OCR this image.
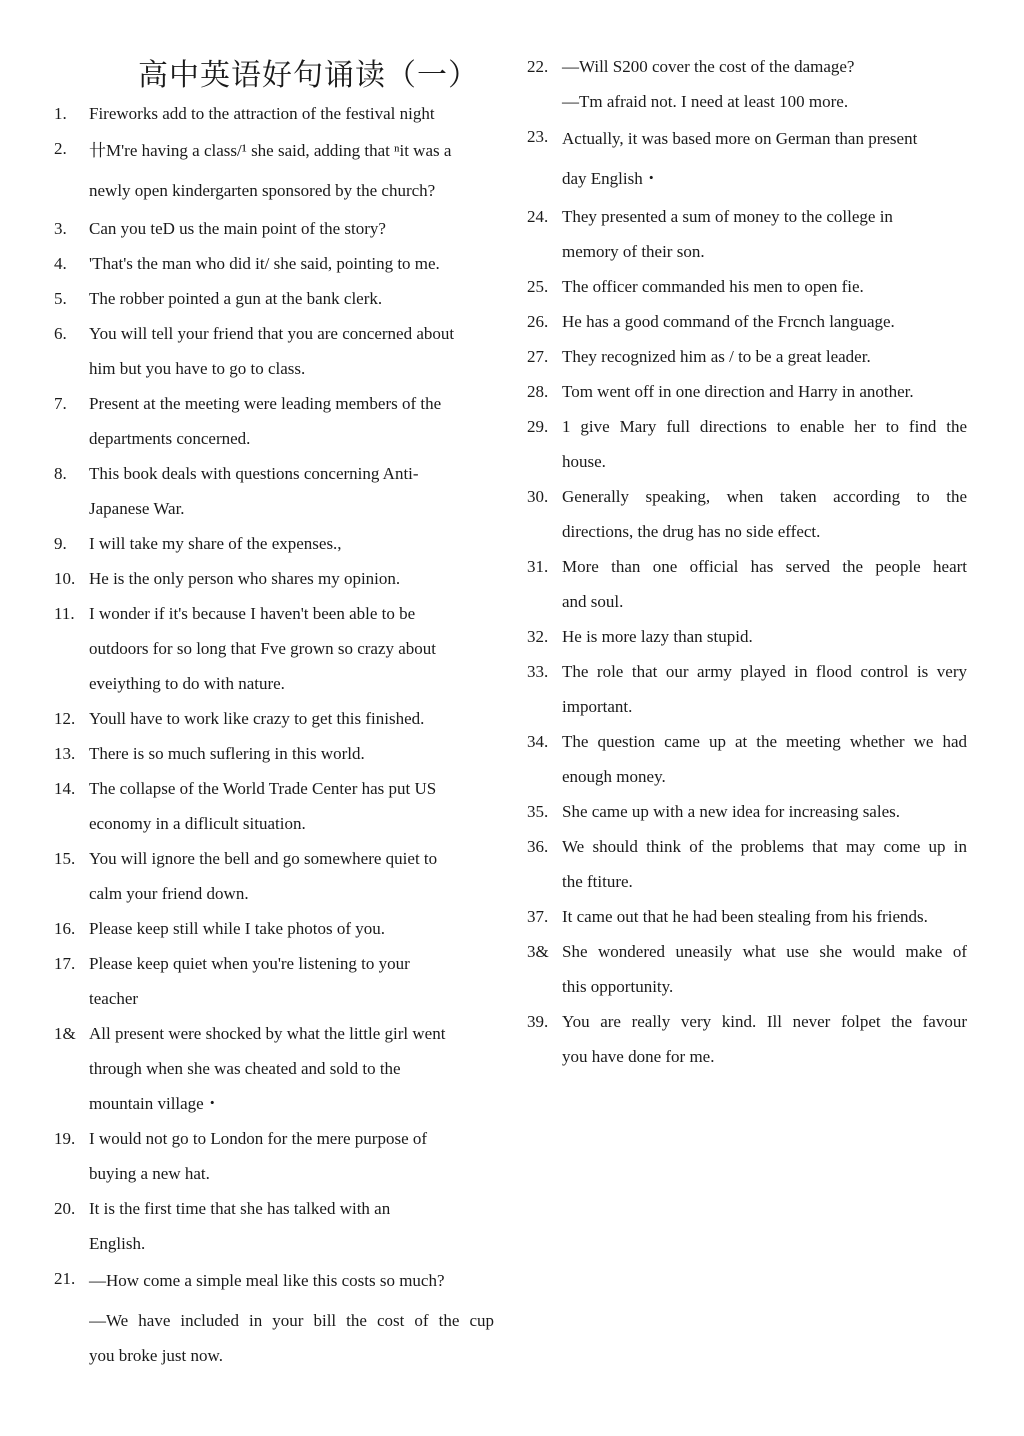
高中英语好句诵读（一）
1.	Fireworks add to the attraction of the festival night
2.	卄M're having a class/¹ she said, adding that ⁿit was a
newly open kindergarten sponsored by the church?
3.	Can you teD us the main point of the story?
4.	'That's the man who did it/ she said, pointing to me.
5.	The robber pointed a gun at the bank clerk.
6.	You will tell your friend that you are concerned about
him but you have to go to class.
7.	Present at the meeting were leading members of the
departments concerned.
8.	This book deals with questions concerning Anti-
Japanese War.
9.	I will take my share of the expenses.,
10. He is the only person who shares my opinion.
11. I wonder if it's because I haven't been able to be
outdoors for so long that Fve grown so crazy about
eveiything to do with nature.
12. Youll have to work like crazy to get this finished.
13. There is so much suflering in this world.
14. The collapse of the World Trade Center has put US
economy in a diflicult situation.
15. You will ignore the bell and go somewhere quiet to
calm your friend down.
16. Please keep still while I take photos of you.
17. Please keep quiet when you're listening to your
teacher
1& All present were shocked by what the little girl went
through when she was cheated and sold to the
mountain village・
19. I would not go to London for the mere purpose of
buying a new hat.
20. It is the first time that she has talked with an
English.
21. —How come a simple meal like this costs so much?
—We have included in your bill the cost of the cup
you broke just now.
22. —Will S200 cover the cost of the damage?
—Tm afraid not. I need at least 100 more.
23. Actually, it was based more on German than present
day English・
24. They presented a sum of money to the college in
memory of their son.
25. The officer commanded his men to open fie.
26. He has a good command of the Frcnch language.
27. They recognized him as / to be a great leader.
28. Tom went off in one direction and Harry in another.
29. 1 give Mary full directions to enable her to find the
house.
30. Generally speaking, when taken according to the
directions, the drug has no side effect.
31. More than one official has served the people heart
and soul.
32. He is more lazy than stupid.
33. The role that our army played in flood control is very
important.
34. The question came up at the meeting whether we had
enough money.
35. She came up with a new idea for increasing sales.
36. We should think of the problems that may come up in
the ftiture.
37. It came out that he had been stealing from his friends.
3& She wondered uneasily what use she would make of
this opportunity.
39. You are really very kind. Ill never folpet the favour
you have done for me.
